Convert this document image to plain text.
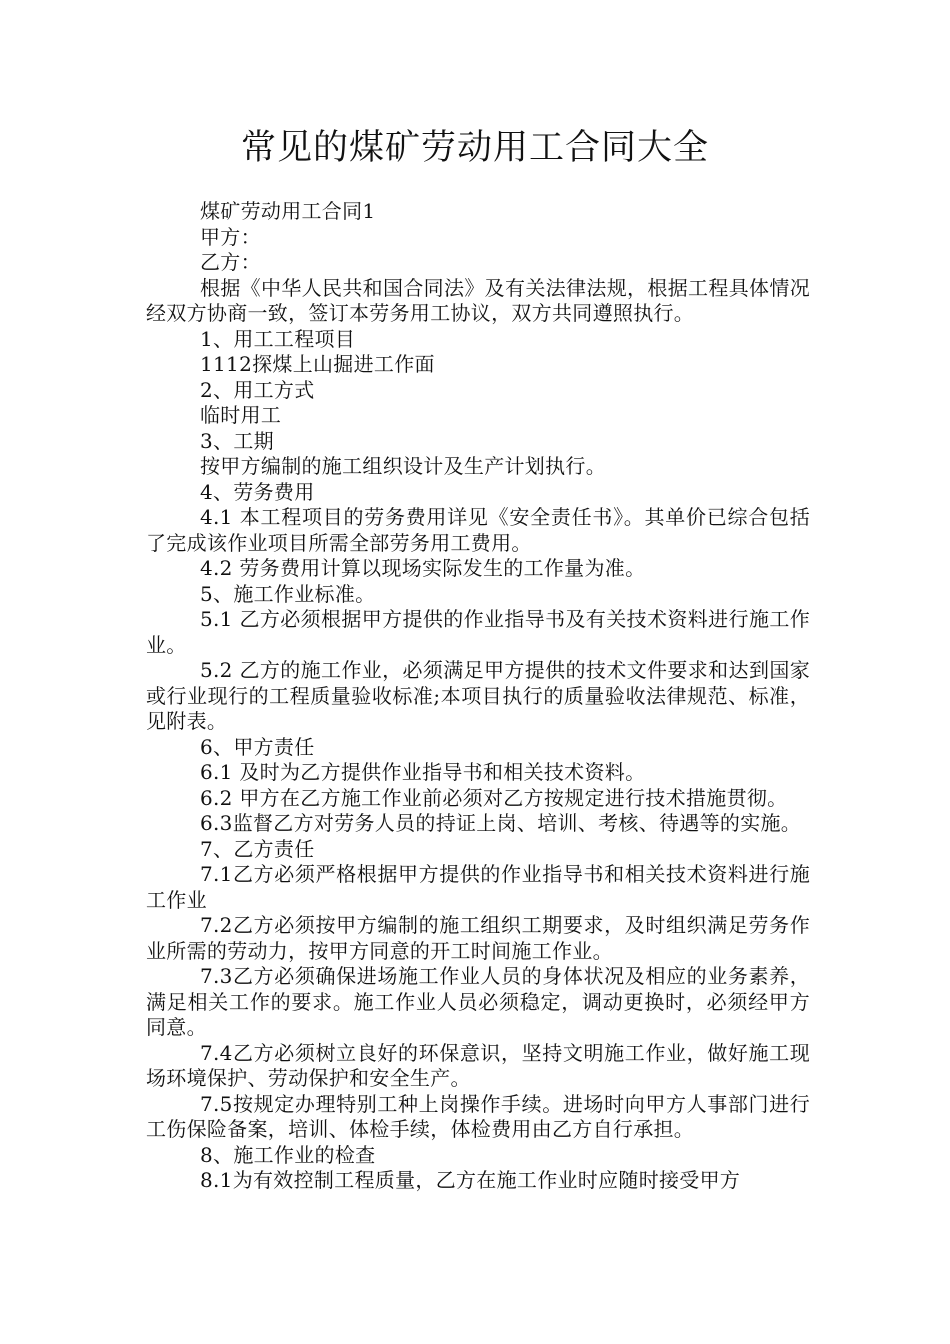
常见的煤矿劳动用工合同大全

煤矿劳动用工合同1

甲方：

乙方：

根据《中华人民共和国合同法》及有关法律法规，根据工程具体情况经双方协商一致，签订本劳务用工协议，双方共同遵照执行。

1、用工工程项目

1112探煤上山掘进工作面

2、用工方式

临时用工

3、工期

按甲方编制的施工组织设计及生产计划执行。

4、劳务费用

4.1 本工程项目的劳务费用详见《安全责任书》。其单价已综合包括了完成该作业项目所需全部劳务用工费用。

4.2 劳务费用计算以现场实际发生的工作量为准。

5、施工作业标准。

5.1 乙方必须根据甲方提供的作业指导书及有关技术资料进行施工作业。

5.2 乙方的施工作业，必须满足甲方提供的技术文件要求和达到国家或行业现行的工程质量验收标准;本项目执行的质量验收法律规范、标准，见附表。

6、甲方责任

6.1 及时为乙方提供作业指导书和相关技术资料。

6.2 甲方在乙方施工作业前必须对乙方按规定进行技术措施贯彻。

6.3监督乙方对劳务人员的持证上岗、培训、考核、待遇等的实施。

7、乙方责任

7.1乙方必须严格根据甲方提供的作业指导书和相关技术资料进行施工作业

7.2乙方必须按甲方编制的施工组织工期要求，及时组织满足劳务作业所需的劳动力，按甲方同意的开工时间施工作业。

7.3乙方必须确保进场施工作业人员的身体状况及相应的业务素养，满足相关工作的要求。施工作业人员必须稳定，调动更换时，必须经甲方同意。

7.4乙方必须树立良好的环保意识，坚持文明施工作业，做好施工现场环境保护、劳动保护和安全生产。

7.5按规定办理特别工种上岗操作手续。进场时向甲方人事部门进行工伤保险备案，培训、体检手续，体检费用由乙方自行承担。

8、施工作业的检查

8.1为有效控制工程质量，乙方在施工作业时应随时接受甲方
